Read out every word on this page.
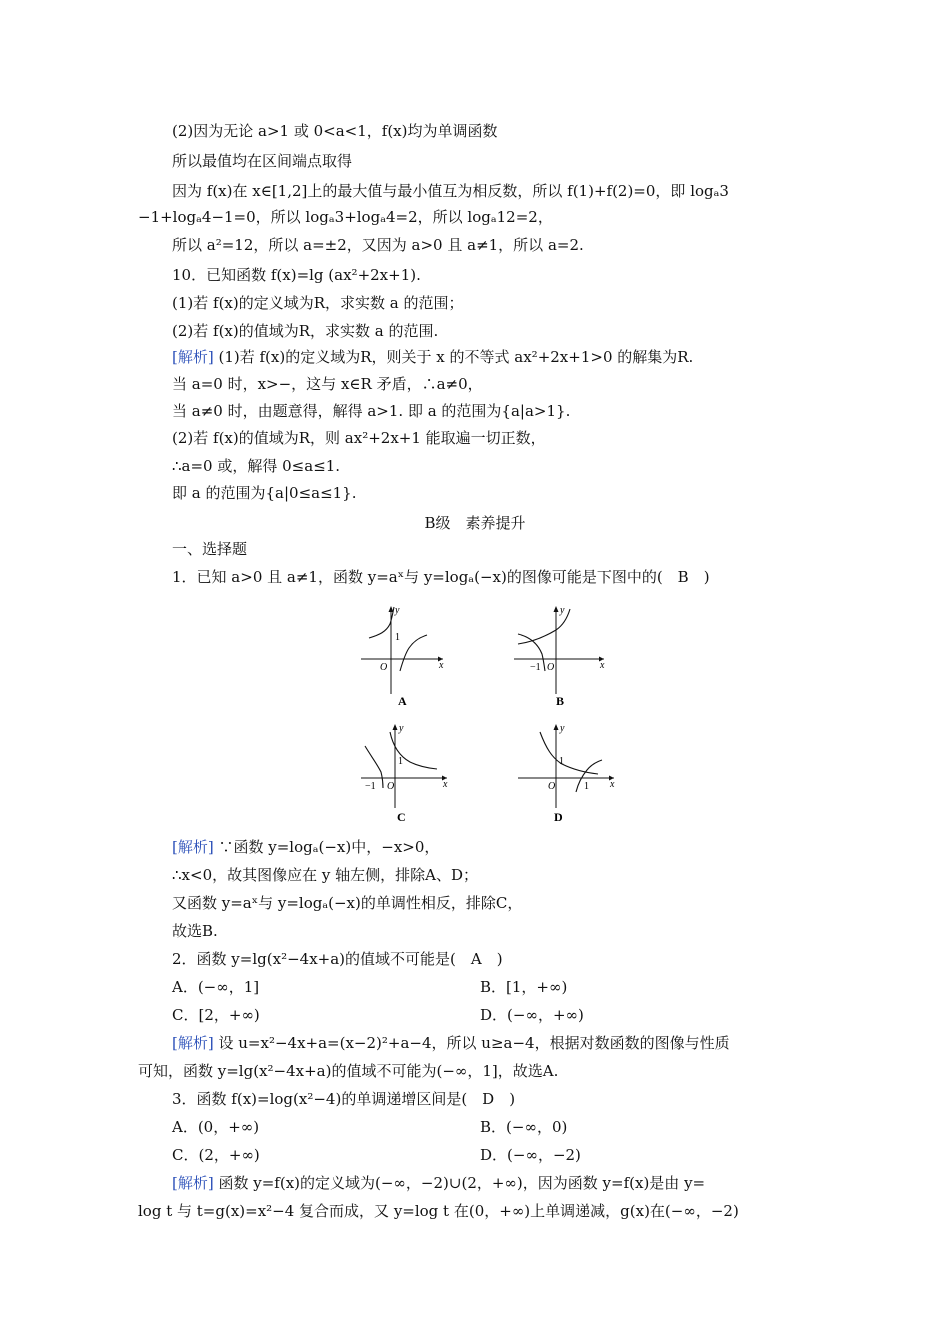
(2)因为无论 a>1 或 0<a<1，f(x)均为单调函数
所以最值均在区间端点取得
因为 f(x)在 x∈[1,2]上的最大值与最小值互为相反数，所以 f(1)+f(2)=0，即 logₐ3
−1+logₐ4−1=0，所以 logₐ3+logₐ4=2，所以 logₐ12=2，
所以 a²=12，所以 a=±2，又因为 a>0 且 a≠1，所以 a=2.
10．已知函数 f(x)=lg (ax²+2x+1).
(1)若 f(x)的定义域为R，求实数 a 的范围；
(2)若 f(x)的值域为R，求实数 a 的范围.
[解析] (1)若 f(x)的定义域为R，则关于 x 的不等式 ax²+2x+1>0 的解集为R.
当 a=0 时，x>−，这与 x∈R 矛盾，∴a≠0，
当 a≠0 时，由题意得，解得 a>1. 即 a 的范围为{a|a>1}.
(2)若 f(x)的值域为R，则 ax²+2x+1 能取遍一切正数，
∴a=0 或，解得 0≤a≤1.
即 a 的范围为{a|0≤a≤1}.
B级　素养提升
一、选择题
1．已知 a>0 且 a≠1，函数 y=aˣ与 y=logₐ(−x)的图像可能是下图中的(　B　)
1
O	x
y
A
−1 O	x
y
B
1
−1 O	x
y
C
1
O	1 x
y
D
[解析] ∵函数 y=logₐ(−x)中，−x>0，
∴x<0，故其图像应在 y 轴左侧，排除A、D；
又函数 y=aˣ与 y=logₐ(−x)的单调性相反，排除C，
故选B.
2．函数 y=lg(x²−4x+a)的值域不可能是(　A　)
A．(−∞，1]	B．[1，+∞)
C．[2，+∞)	D．(−∞，+∞)
[解析] 设 u=x²−4x+a=(x−2)²+a−4，所以 u≥a−4，根据对数函数的图像与性质
可知，函数 y=lg(x²−4x+a)的值域不可能为(−∞，1]，故选A.
3．函数 f(x)=log(x²−4)的单调递增区间是(　D　)
A．(0，+∞)	B．(−∞，0)
C．(2，+∞)	D．(−∞，−2)
[解析] 函数 y=f(x)的定义域为(−∞，−2)∪(2，+∞)，因为函数 y=f(x)是由 y=
log t 与 t=g(x)=x²−4 复合而成，又 y=log t 在(0，+∞)上单调递减，g(x)在(−∞，−2)
